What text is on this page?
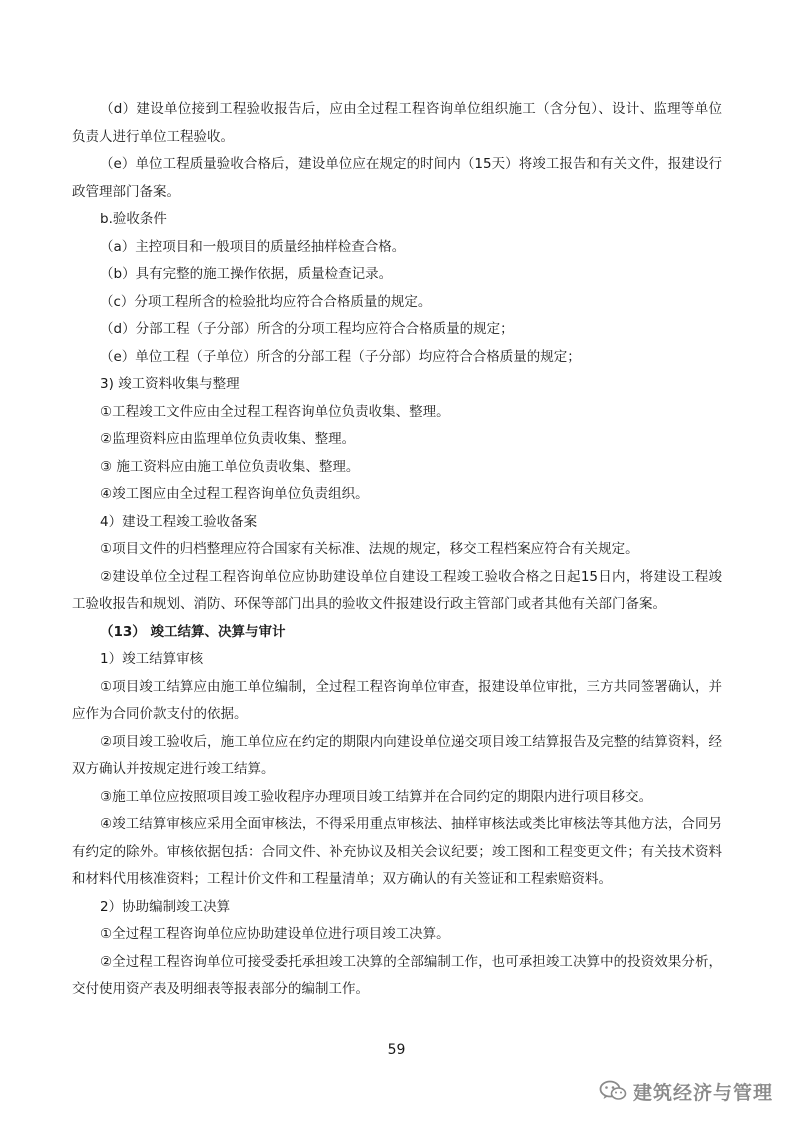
（d）建设单位接到工程验收报告后，应由全过程工程咨询单位组织施工（含分包）、设计、监理等单位负责人进行单位工程验收。

（e）单位工程质量验收合格后，建设单位应在规定的时间内（15天）将竣工报告和有关文件，报建设行政管理部门备案。

b.验收条件

（a）主控项目和一般项目的质量经抽样检查合格。

（b）具有完整的施工操作依据，质量检查记录。

（c）分项工程所含的检验批均应符合合格质量的规定。

（d）分部工程（子分部）所含的分项工程均应符合合格质量的规定；

（e）单位工程（子单位）所含的分部工程（子分部）均应符合合格质量的规定；

3) 竣工资料收集与整理

①工程竣工文件应由全过程工程咨询单位负责收集、整理。

②监理资料应由监理单位负责收集、整理。

③ 施工资料应由施工单位负责收集、整理。

④竣工图应由全过程工程咨询单位负责组织。

4）建设工程竣工验收备案

①项目文件的归档整理应符合国家有关标准、法规的规定，移交工程档案应符合有关规定。

②建设单位全过程工程咨询单位应协助建设单位自建设工程竣工验收合格之日起15日内，将建设工程竣工验收报告和规划、消防、环保等部门出具的验收文件报建设行政主管部门或者其他有关部门备案。

（13） 竣工结算、决算与审计

1）竣工结算审核

①项目竣工结算应由施工单位编制，全过程工程咨询单位审查，报建设单位审批，三方共同签署确认，并应作为合同价款支付的依据。

②项目竣工验收后，施工单位应在约定的期限内向建设单位递交项目竣工结算报告及完整的结算资料，经双方确认并按规定进行竣工结算。

③施工单位应按照项目竣工验收程序办理项目竣工结算并在合同约定的期限内进行项目移交。

④竣工结算审核应采用全面审核法，不得采用重点审核法、抽样审核法或类比审核法等其他方法，合同另有约定的除外。审核依据包括：合同文件、补充协议及相关会议纪要；竣工图和工程变更文件；有关技术资料和材料代用核准资料；工程计价文件和工程量清单；双方确认的有关签证和工程索赔资料。

2）协助编制竣工决算

①全过程工程咨询单位应协助建设单位进行项目竣工决算。

②全过程工程咨询单位可接受委托承担竣工决算的全部编制工作，也可承担竣工决算中的投资效果分析，交付使用资产表及明细表等报表部分的编制工作。

59
建筑经济与管理
